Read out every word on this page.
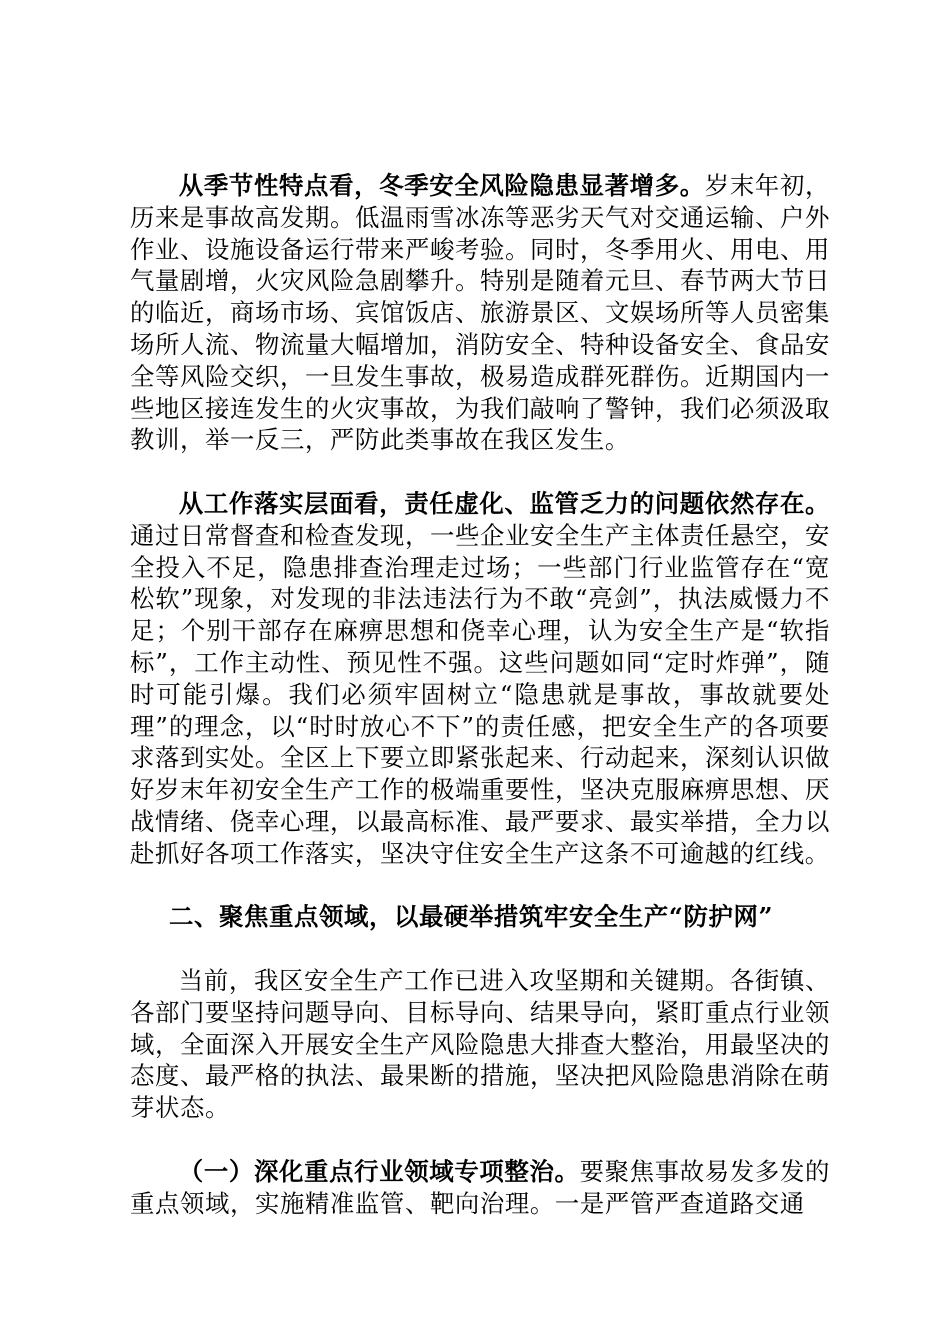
从季节性特点看，冬季安全风险隐患显著增多。岁末年初，历来是事故高发期。低温雨雪冰冻等恶劣天气对交通运输、户外作业、设施设备运行带来严峻考验。同时，冬季用火、用电、用气量剧增，火灾风险急剧攀升。特别是随着元旦、春节两大节日的临近，商场市场、宾馆饭店、旅游景区、文娱场所等人员密集场所人流、物流量大幅增加，消防安全、特种设备安全、食品安全等风险交织，一旦发生事故，极易造成群死群伤。近期国内一些地区接连发生的火灾事故，为我们敲响了警钟，我们必须汲取教训，举一反三，严防此类事故在我区发生。

从工作落实层面看，责任虚化、监管乏力的问题依然存在。通过日常督查和检查发现，一些企业安全生产主体责任悬空，安全投入不足，隐患排查治理走过场；一些部门行业监管存在“宽松软”现象，对发现的非法违法行为不敢“亮剑”，执法威慑力不足；个别干部存在麻痹思想和侥幸心理，认为安全生产是“软指标”，工作主动性、预见性不强。这些问题如同“定时炸弹”，随时可能引爆。我们必须牢固树立“隐患就是事故，事故就要处理”的理念，以“时时放心不下”的责任感，把安全生产的各项要求落到实处。全区上下要立即紧张起来、行动起来，深刻认识做好岁末年初安全生产工作的极端重要性，坚决克服麻痹思想、厌战情绪、侥幸心理，以最高标准、最严要求、最实举措，全力以赴抓好各项工作落实，坚决守住安全生产这条不可逾越的红线。

二、聚焦重点领域，以最硬举措筑牢安全生产“防护网”

当前，我区安全生产工作已进入攻坚期和关键期。各街镇、各部门要坚持问题导向、目标导向、结果导向，紧盯重点行业领域，全面深入开展安全生产风险隐患大排查大整治，用最坚决的态度、最严格的执法、最果断的措施，坚决把风险隐患消除在萌芽状态。

（一）深化重点行业领域专项整治。要聚焦事故易发多发的重点领域，实施精准监管、靶向治理。一是严管严查道路交通
